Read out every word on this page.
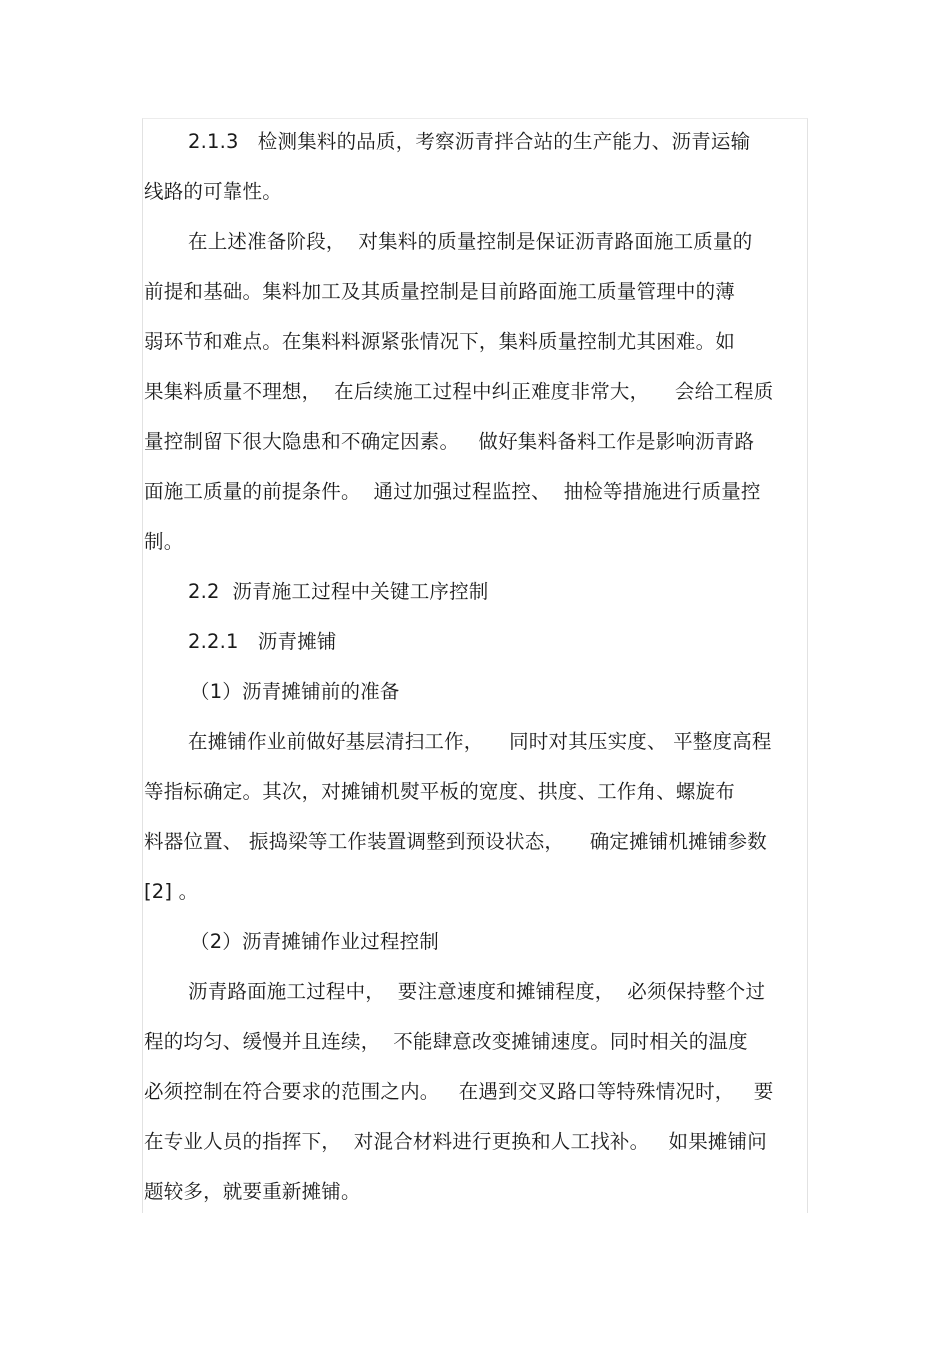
2.1.3   检测集料的品质，考察沥青拌合站的生产能力、沥青运输
线路的可靠性。
在上述准备阶段，  对集料的质量控制是保证沥青路面施工质量的
前提和基础。集料加工及其质量控制是目前路面施工质量管理中的薄
弱环节和难点。在集料料源紧张情况下，集料质量控制尤其困难。如
果集料质量不理想，  在后续施工过程中纠正难度非常大，    会给工程质
量控制留下很大隐患和不确定因素。   做好集料备料工作是影响沥青路
面施工质量的前提条件。  通过加强过程监控、  抽检等措施进行质量控
制。
2.2  沥青施工过程中关键工序控制
2.2.1   沥青摊铺
（1）沥青摊铺前的准备
在摊铺作业前做好基层清扫工作，    同时对其压实度、 平整度高程
等指标确定。其次，对摊铺机熨平板的宽度、拱度、工作角、螺旋布
料器位置、 振捣梁等工作装置调整到预设状态，    确定摊铺机摊铺参数
[2] 。
（2）沥青摊铺作业过程控制
沥青路面施工过程中，  要注意速度和摊铺程度，  必须保持整个过
程的均匀、缓慢并且连续，  不能肆意改变摊铺速度。同时相关的温度
必须控制在符合要求的范围之内。   在遇到交叉路口等特殊情况时，   要
在专业人员的指挥下，  对混合材料进行更换和人工找补。   如果摊铺问
题较多，就要重新摊铺。
